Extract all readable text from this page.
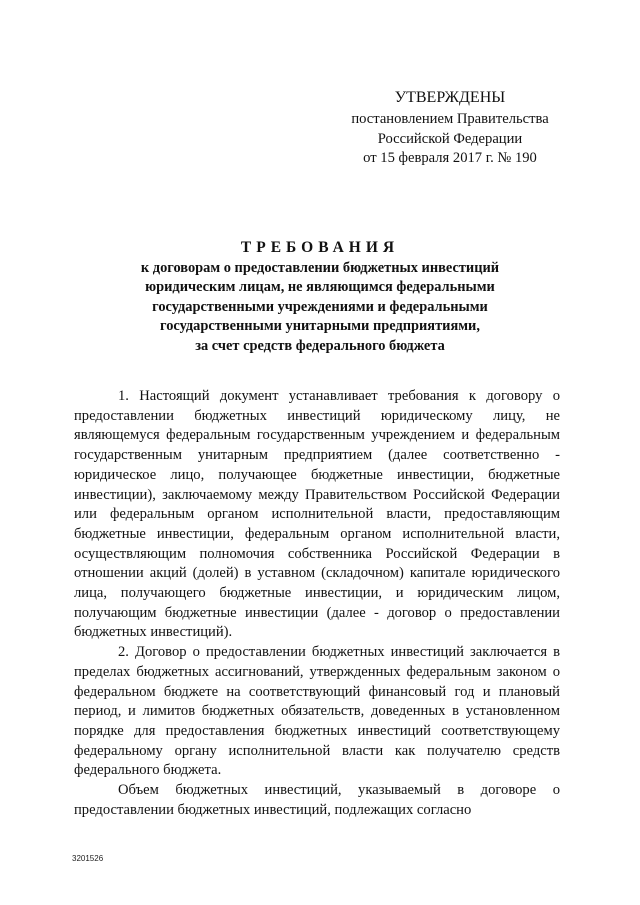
УТВЕРЖДЕНЫ
постановлением Правительства
Российской Федерации
от 15 февраля 2017 г. № 190
ТРЕБОВАНИЯ
к договорам о предоставлении бюджетных инвестиций
юридическим лицам, не являющимся федеральными
государственными учреждениями и федеральными
государственными унитарными предприятиями,
за счет средств федерального бюджета

1. Настоящий документ устанавливает требования к договору о предоставлении бюджетных инвестиций юридическому лицу, не являющемуся федеральным государственным учреждением и федеральным государственным унитарным предприятием (далее соответственно - юридическое лицо, получающее бюджетные инвестиции, бюджетные инвестиции), заключаемому между Правительством Российской Федерации или федеральным органом исполнительной власти, предоставляющим бюджетные инвестиции, федеральным органом исполнительной власти, осуществляющим полномочия собственника Российской Федерации в отношении акций (долей) в уставном (складочном) капитале юридического лица, получающего бюджетные инвестиции, и юридическим лицом, получающим бюджетные инвестиции (далее - договор о предоставлении бюджетных инвестиций).

2. Договор о предоставлении бюджетных инвестиций заключается в пределах бюджетных ассигнований, утвержденных федеральным законом о федеральном бюджете на соответствующий финансовый год и плановый период, и лимитов бюджетных обязательств, доведенных в установленном порядке для предоставления бюджетных инвестиций соответствующему федеральному органу исполнительной власти как получателю средств федерального бюджета.

Объем бюджетных инвестиций, указываемый в договоре о предоставлении бюджетных инвестиций, подлежащих согласно

3201526
